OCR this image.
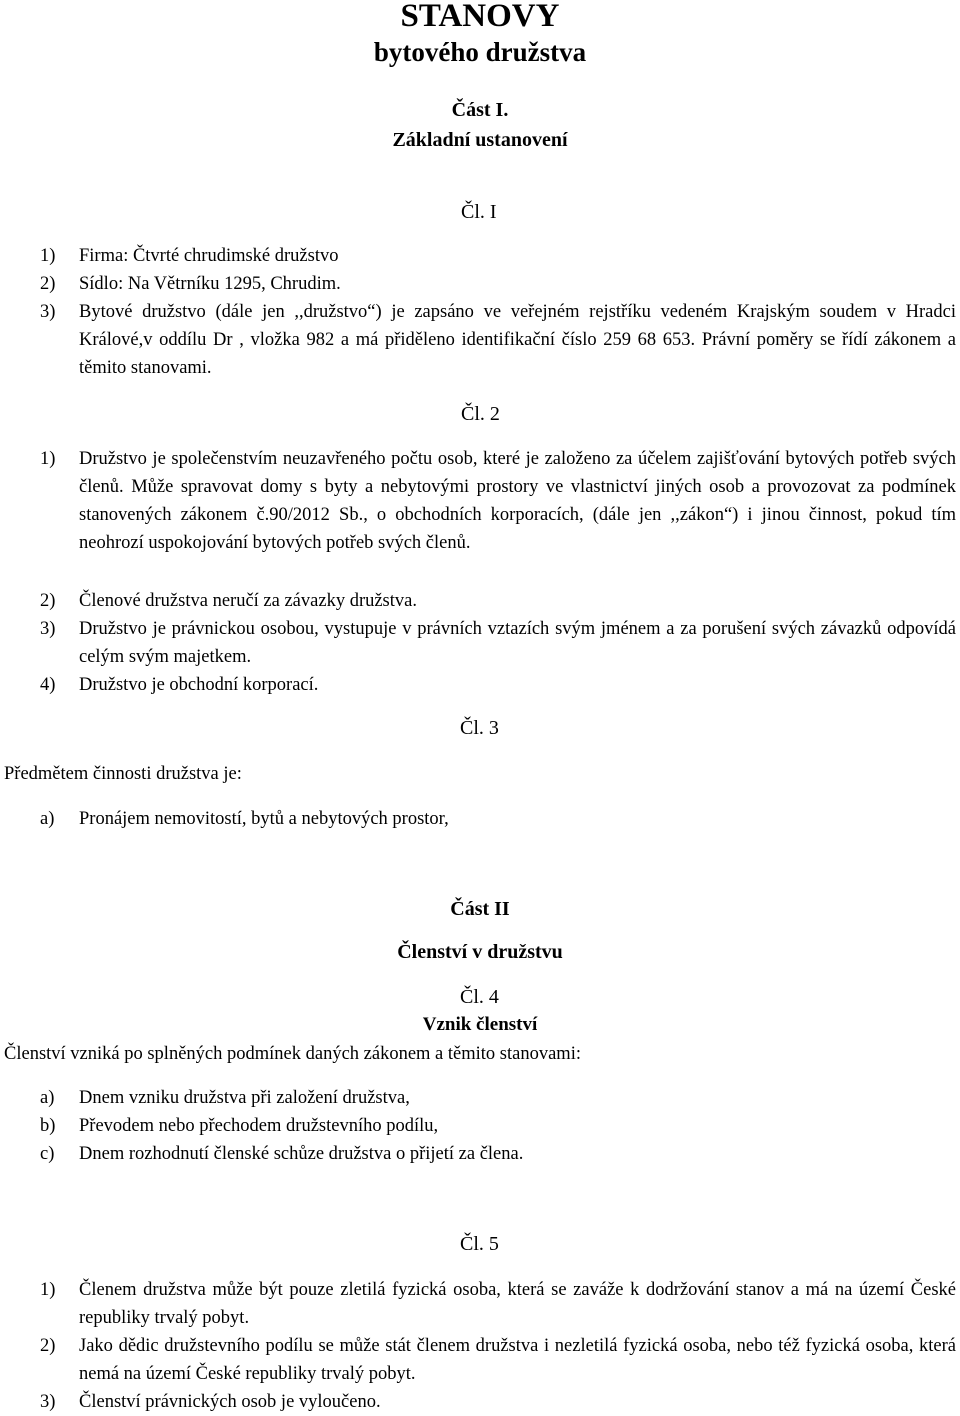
STANOVY
bytového družstva
Část I.
Základní ustanovení
Čl. I
1) Firma: Čtvrté chrudimské družstvo
2) Sídlo: Na Větrníku 1295, Chrudim.
3) Bytové družstvo (dále jen ,,družstvo“) je zapsáno ve veřejném rejstříku vedeném Krajským soudem v Hradci Králové,v oddílu Dr , vložka 982 a má přiděleno identifikační číslo 259 68 653. Právní poměry se řídí zákonem a těmito stanovami.
Čl. 2
1) Družstvo je společenstvím neuzavřeného počtu osob, které je založeno za účelem zajišťování bytových potřeb svých členů. Může spravovat domy s byty a nebytovými prostory ve vlastnictví jiných osob a provozovat za podmínek stanovených zákonem č.90/2012 Sb., o obchodních korporacích, (dále jen ,,zákon“) i jinou činnost, pokud tím neohrozí uspokojování bytových potřeb svých členů.
2) Členové družstva neručí za závazky družstva.
3) Družstvo je právnickou osobou, vystupuje v právních vztazích svým jménem a za porušení svých závazků odpovídá celým svým majetkem.
4) Družstvo je obchodní korporací.
Čl. 3
Předmětem činnosti družstva je:
a) Pronájem nemovitostí, bytů a nebytových prostor,
Část II
Členství v družstvu
Čl. 4
Vznik členství
Členství vzniká po splněných podmínek daných zákonem a těmito stanovami:
a) Dnem vzniku družstva při založení družstva,
b) Převodem nebo přechodem družstevního podílu,
c) Dnem rozhodnutí členské schůze družstva o přijetí za člena.
Čl. 5
1) Členem družstva může být pouze zletilá fyzická osoba, která se zaváže k dodržování stanov a má na území České republiky trvalý pobyt.
2) Jako dědic družstevního podílu se může stát členem družstva i nezletilá fyzická osoba, nebo též fyzická osoba, která nemá na území České republiky trvalý pobyt.
3) Členství právnických osob je vyloučeno.
